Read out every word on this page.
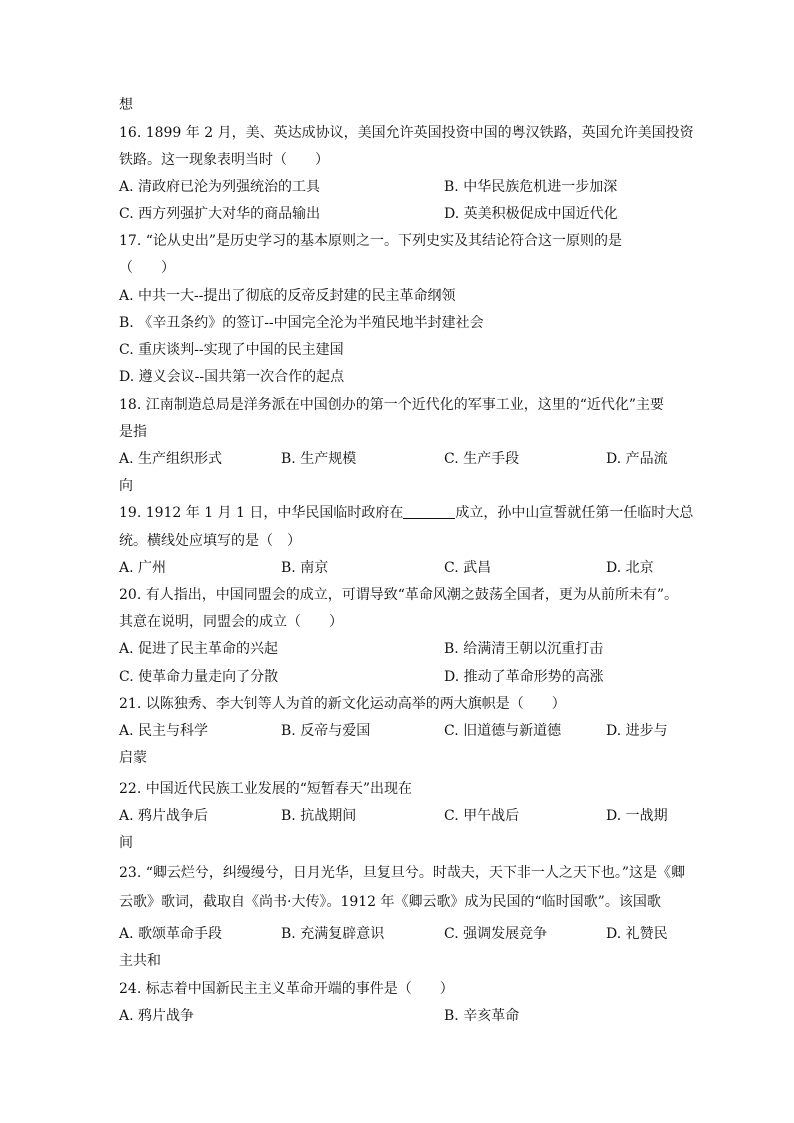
想
16. 1899 年 2 月，美、英达成协议，美国允许英国投资中国的粤汉铁路，英国允许美国投资
铁路。这一现象表明当时（　　）
A. 清政府已沦为列强统治的工具	B. 中华民族危机进一步加深
C. 西方列强扩大对华的商品输出	D. 英美积极促成中国近代化
17. “论从史出”是历史学习的基本原则之一。下列史实及其结论符合这一原则的是
（　　）
A. 中共一大--提出了彻底的反帝反封建的民主革命纲领
B. 《辛丑条约》的签订--中国完全沦为半殖民地半封建社会
C. 重庆谈判--实现了中国的民主建国
D. 遵义会议--国共第一次合作的起点
18. 江南制造总局是洋务派在中国创办的第一个近代化的军事工业，这里的“近代化”主要
是指
A. 生产组织形式	B. 生产规模	C. 生产手段	D. 产品流
向
19. 1912 年 1 月 1 日，中华民国临时政府在	成立，孙中山宣誓就任第一任临时大总
统。横线处应填写的是（　）
A. 广州	B. 南京	C. 武昌	D. 北京
20. 有人指出，中国同盟会的成立，可谓导致“革命风潮之鼓荡全国者，更为从前所未有”。
其意在说明，同盟会的成立（　　）
A. 促进了民主革命的兴起	B. 给满清王朝以沉重打击
C. 使革命力量走向了分散	D. 推动了革命形势的高涨
21. 以陈独秀、李大钊等人为首的新文化运动高举的两大旗帜是（　　）
A. 民主与科学	B. 反帝与爱国	C. 旧道德与新道德	D. 进步与
启蒙
22. 中国近代民族工业发展的“短暂春天”出现在
A. 鸦片战争后	B. 抗战期间	C. 甲午战后	D. 一战期
间
23. “卿云烂兮，纠缦缦兮，日月光华，旦复旦兮。时哉夫，天下非一人之天下也。”这是《卿
云歌》歌词，截取自《尚书·大传》。1912 年《卿云歌》成为民国的“临时国歌”。该国歌
A. 歌颂革命手段	B. 充满复辟意识	C. 强调发展竞争	D. 礼赞民
主共和
24. 标志着中国新民主主义革命开端的事件是（　　）
A. 鸦片战争	B. 辛亥革命
